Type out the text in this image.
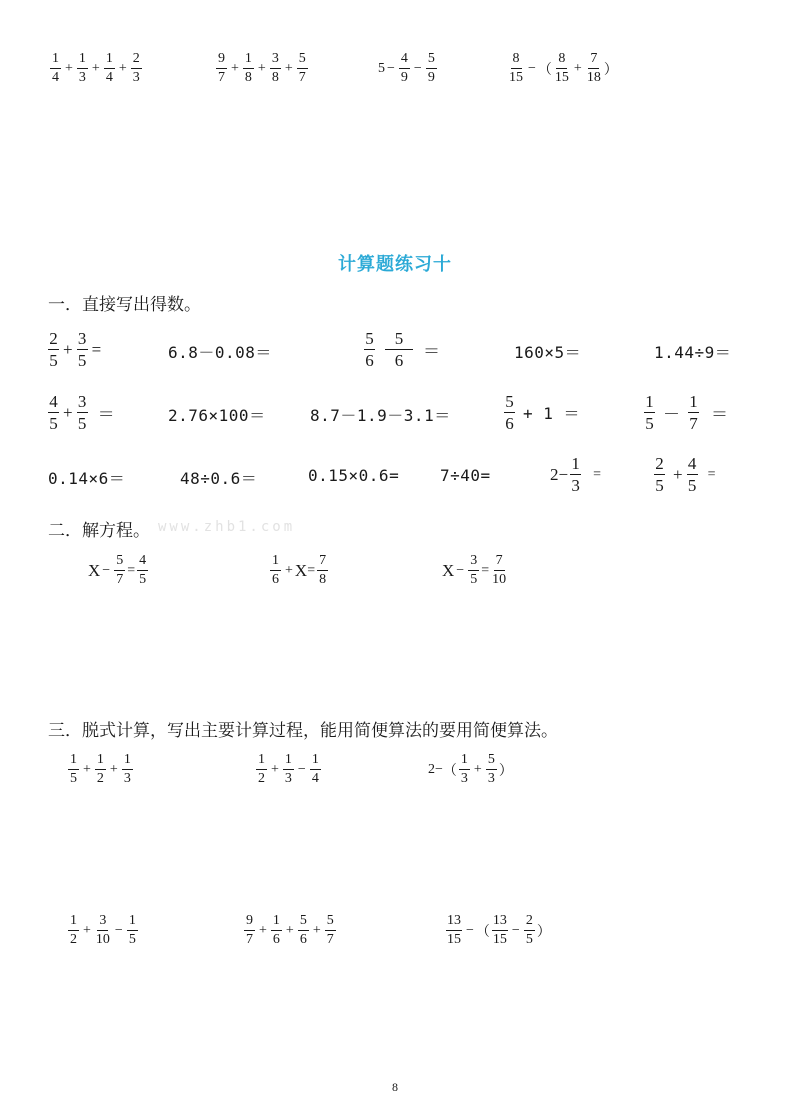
$\frac{1}{4} + \frac{1}{3} + \frac{1}{4} + \frac{2}{3}$	$\frac{9}{7} + \frac{1}{8} + \frac{3}{8} + \frac{5}{7}$	$5 - \frac{4}{9} - \frac{5}{9}$	$\frac{8}{15}$ − （ $\frac{8}{15} + \frac{7}{18}$ ）
计算题练习十
一．直接写出得数。
$\frac{2}{5} + \frac{3}{5}$ =	6.8－0.08＝	$\frac{5}{6} \frac{5}{6}$ ＝	160×5＝	1.44÷9＝
$\frac{4}{5} + \frac{3}{5}$ ＝	2.76×100＝	8.7－1.9－3.1＝	$\frac{5}{6} + 1$ ＝	$\frac{1}{5} - \frac{1}{7}$ ＝
0.14×6＝	48÷0.6＝	0.15×0.6=	7÷40=	$2- \frac{1}{3}$ =	$\frac{2}{5} + \frac{4}{5}$ =
二．解方程。 www.zhb1.com
$X - \frac{5}{7} = \frac{4}{5}$	$\frac{1}{6} + X = \frac{7}{8}$	$X - \frac{3}{5} = \frac{7}{10}$
三．脱式计算，写出主要计算过程，能用简便算法的要用简便算法。
$\frac{1}{5} + \frac{1}{2} + \frac{1}{3}$	$\frac{1}{2} + \frac{1}{3} - \frac{1}{4}$	2− （ $\frac{1}{3} + \frac{5}{3}$ ）
$\frac{1}{2} + \frac{3}{10} - \frac{1}{5}$	$\frac{9}{7} + \frac{1}{6} + \frac{5}{6} + \frac{5}{7}$	$\frac{13}{15}$ − （ $\frac{13}{15} - \frac{2}{5}$ ）
8
